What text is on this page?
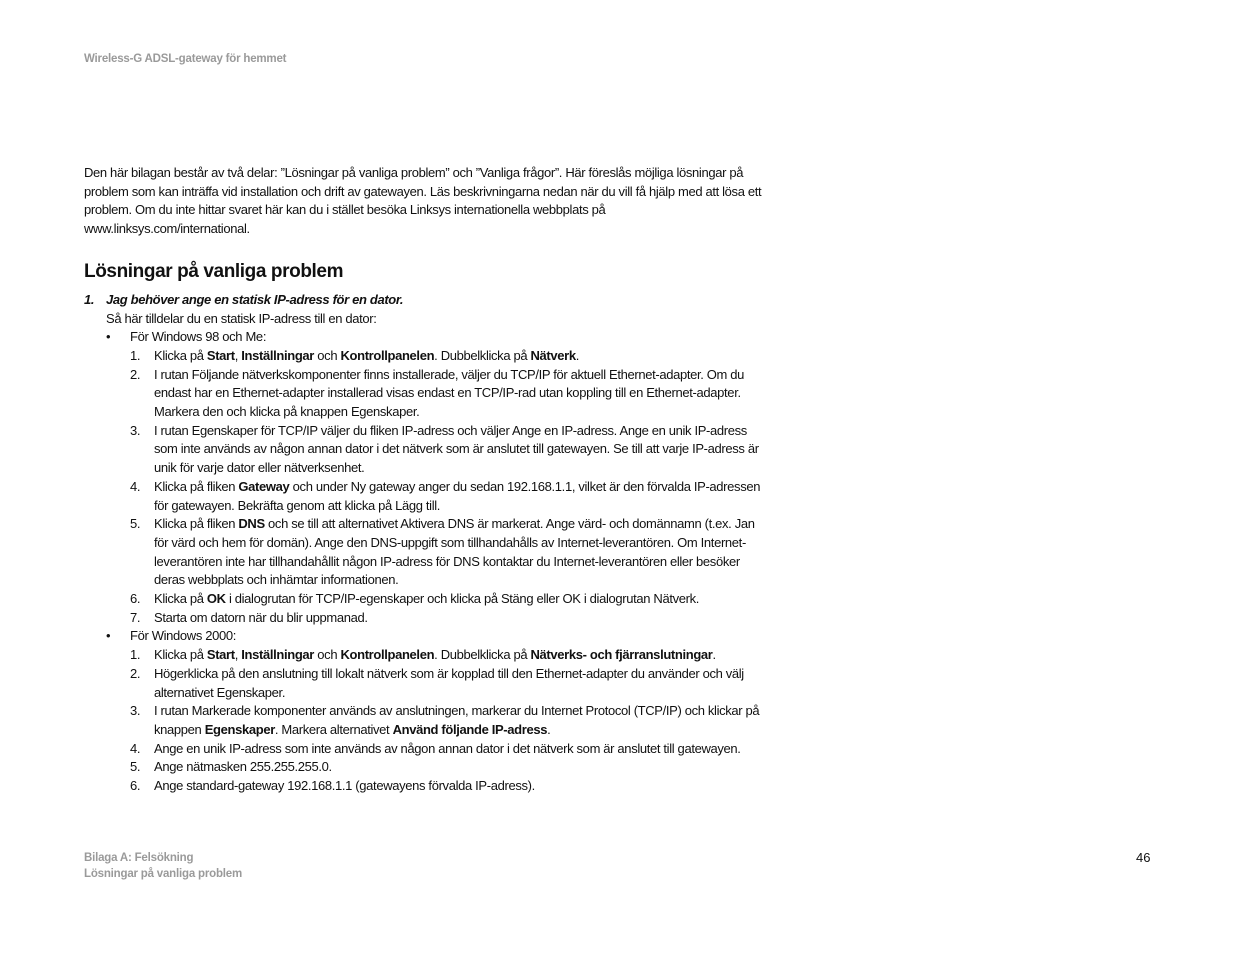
Wireless-G ADSL-gateway för hemmet

Den här bilagan består av två delar: ”Lösningar på vanliga problem” och ”Vanliga frågor”. Här föreslås möjliga lösningar på problem som kan inträffa vid installation och drift av gatewayen. Läs beskrivningarna nedan när du vill få hjälp med att lösa ett problem. Om du inte hittar svaret här kan du i stället besöka Linksys internationella webbplats på www.linksys.com/international.

Lösningar på vanliga problem
1. Jag behöver ange en statisk IP-adress för en dator.
Så här tilldelar du en statisk IP-adress till en dator:
•	För Windows 98 och Me:
1.	Klicka på Start, Inställningar och Kontrollpanelen. Dubbelklicka på Nätverk.
2.	I rutan Följande nätverkskomponenter finns installerade, väljer du TCP/IP för aktuell Ethernet-adapter. Om du endast har en Ethernet-adapter installerad visas endast en TCP/IP-rad utan koppling till en Ethernet-adapter. Markera den och klicka på knappen Egenskaper.
3.	I rutan Egenskaper för TCP/IP väljer du fliken IP-adress och väljer Ange en IP-adress. Ange en unik IP-adress som inte används av någon annan dator i det nätverk som är anslutet till gatewayen. Se till att varje IP-adress är unik för varje dator eller nätverksenhet.
4.	Klicka på fliken Gateway och under Ny gateway anger du sedan 192.168.1.1, vilket är den förvalda IP-adressen för gatewayen. Bekräfta genom att klicka på Lägg till.
5.	Klicka på fliken DNS och se till att alternativet Aktivera DNS är markerat. Ange värd- och domännamn (t.ex. Jan för värd och hem för domän). Ange den DNS-uppgift som tillhandahålls av Internet-leverantören. Om Internet-leverantören inte har tillhandahållit någon IP-adress för DNS kontaktar du Internet-leverantören eller besöker deras webbplats och inhämtar informationen.
6.	Klicka på OK i dialogrutan för TCP/IP-egenskaper och klicka på Stäng eller OK i dialogrutan Nätverk.
7.	Starta om datorn när du blir uppmanad.
•	För Windows 2000:
1.	Klicka på Start, Inställningar och Kontrollpanelen. Dubbelklicka på Nätverks- och fjärranslutningar.
2.	Högerklicka på den anslutning till lokalt nätverk som är kopplad till den Ethernet-adapter du använder och välj alternativet Egenskaper.
3.	I rutan Markerade komponenter används av anslutningen, markerar du Internet Protocol (TCP/IP) och klickar på knappen Egenskaper. Markera alternativet Använd följande IP-adress.
4.	Ange en unik IP-adress som inte används av någon annan dator i det nätverk som är anslutet till gatewayen.
5.	Ange nätmasken 255.255.255.0.
6.	Ange standard-gateway 192.168.1.1 (gatewayens förvalda IP-adress).
Bilaga A: Felsökning
Lösningar på vanliga problem
46
